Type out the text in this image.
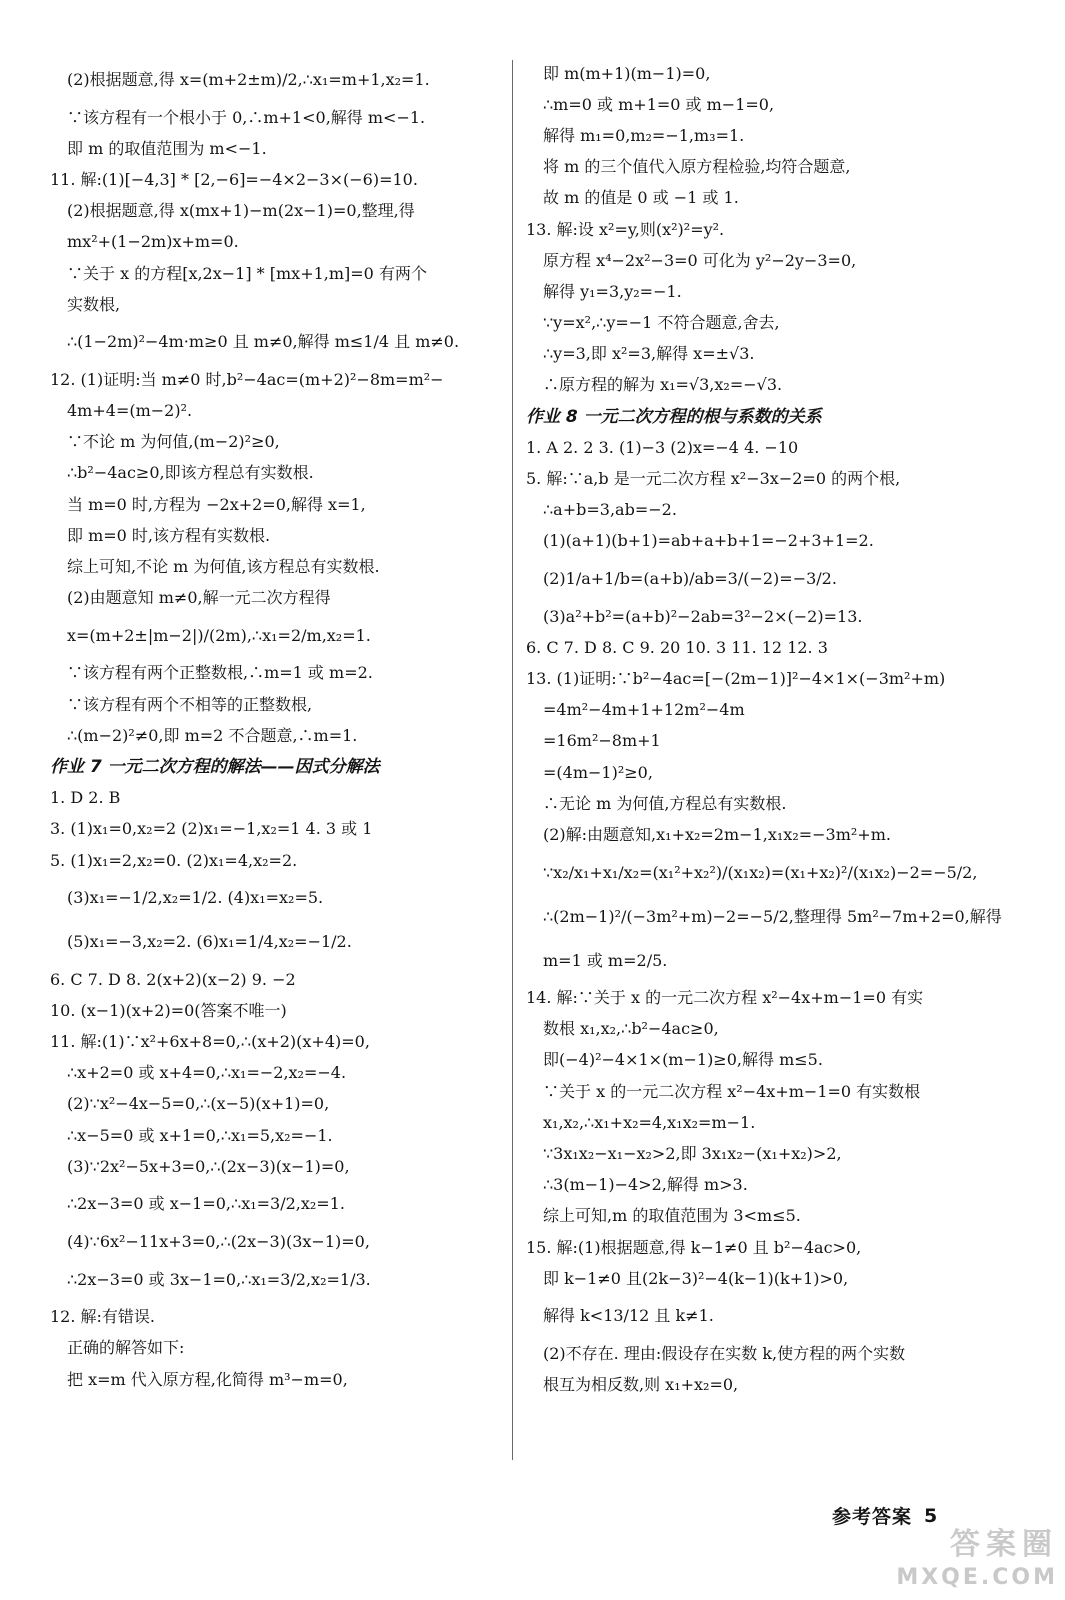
(2)根据题意,得 x=(m+2±m)/2,∴x₁=m+1,x₂=1.
∵该方程有一个根小于 0,∴m+1<0,解得 m<−1.
即 m 的取值范围为 m<−1.
11. 解:(1)[−4,3] * [2,−6]=−4×2−3×(−6)=10.
(2)根据题意,得 x(mx+1)−m(2x−1)=0,整理,得
mx²+(1−2m)x+m=0.
∵关于 x 的方程[x,2x−1] * [mx+1,m]=0 有两个
实数根,
∴(1−2m)²−4m·m≥0 且 m≠0,解得 m≤1/4 且 m≠0.
12. (1)证明:当 m≠0 时,b²−4ac=(m+2)²−8m=m²−
4m+4=(m−2)².
∵不论 m 为何值,(m−2)²≥0,
∴b²−4ac≥0,即该方程总有实数根.
当 m=0 时,方程为 −2x+2=0,解得 x=1,
即 m=0 时,该方程有实数根.
综上可知,不论 m 为何值,该方程总有实数根.
(2)由题意知 m≠0,解一元二次方程得
x=(m+2±|m−2|)/(2m),∴x₁=2/m,x₂=1.
∵该方程有两个正整数根,∴m=1 或 m=2.
∵该方程有两个不相等的正整数根,
∴(m−2)²≠0,即 m=2 不合题意,∴m=1.
作业 7 一元二次方程的解法——因式分解法
1. D 2. B
3. (1)x₁=0,x₂=2 (2)x₁=−1,x₂=1 4. 3 或 1
5. (1)x₁=2,x₂=0. (2)x₁=4,x₂=2.
(3)x₁=−1/2,x₂=1/2. (4)x₁=x₂=5.
(5)x₁=−3,x₂=2. (6)x₁=1/4,x₂=−1/2.
6. C 7. D 8. 2(x+2)(x−2) 9. −2
10. (x−1)(x+2)=0(答案不唯一)
11. 解:(1)∵x²+6x+8=0,∴(x+2)(x+4)=0,
∴x+2=0 或 x+4=0,∴x₁=−2,x₂=−4.
(2)∵x²−4x−5=0,∴(x−5)(x+1)=0,
∴x−5=0 或 x+1=0,∴x₁=5,x₂=−1.
(3)∵2x²−5x+3=0,∴(2x−3)(x−1)=0,
∴2x−3=0 或 x−1=0,∴x₁=3/2,x₂=1.
(4)∵6x²−11x+3=0,∴(2x−3)(3x−1)=0,
∴2x−3=0 或 3x−1=0,∴x₁=3/2,x₂=1/3.
12. 解:有错误.
正确的解答如下:
把 x=m 代入原方程,化简得 m³−m=0,
即 m(m+1)(m−1)=0,
∴m=0 或 m+1=0 或 m−1=0,
解得 m₁=0,m₂=−1,m₃=1.
将 m 的三个值代入原方程检验,均符合题意,
故 m 的值是 0 或 −1 或 1.
13. 解:设 x²=y,则(x²)²=y².
原方程 x⁴−2x²−3=0 可化为 y²−2y−3=0,
解得 y₁=3,y₂=−1.
∵y=x²,∴y=−1 不符合题意,舍去,
∴y=3,即 x²=3,解得 x=±√3.
∴原方程的解为 x₁=√3,x₂=−√3.
作业 8 一元二次方程的根与系数的关系
1. A 2. 2 3. (1)−3 (2)x=−4 4. −10
5. 解:∵a,b 是一元二次方程 x²−3x−2=0 的两个根,
∴a+b=3,ab=−2.
(1)(a+1)(b+1)=ab+a+b+1=−2+3+1=2.
(2)1/a+1/b=(a+b)/ab=3/(−2)=−3/2.
(3)a²+b²=(a+b)²−2ab=3²−2×(−2)=13.
6. C 7. D 8. C 9. 20 10. 3 11. 12 12. 3
13. (1)证明:∵b²−4ac=[−(2m−1)]²−4×1×(−3m²+m)
=4m²−4m+1+12m²−4m
=16m²−8m+1
=(4m−1)²≥0,
∴无论 m 为何值,方程总有实数根.
(2)解:由题意知,x₁+x₂=2m−1,x₁x₂=−3m²+m.
∵x₂/x₁+x₁/x₂=(x₁²+x₂²)/(x₁x₂)=(x₁+x₂)²/(x₁x₂)−2=−5/2,
∴(2m−1)²/(−3m²+m)−2=−5/2,整理得 5m²−7m+2=0,解得
m=1 或 m=2/5.
14. 解:∵关于 x 的一元二次方程 x²−4x+m−1=0 有实
数根 x₁,x₂,∴b²−4ac≥0,
即(−4)²−4×1×(m−1)≥0,解得 m≤5.
∵关于 x 的一元二次方程 x²−4x+m−1=0 有实数根
x₁,x₂,∴x₁+x₂=4,x₁x₂=m−1.
∵3x₁x₂−x₁−x₂>2,即 3x₁x₂−(x₁+x₂)>2,
∴3(m−1)−4>2,解得 m>3.
综上可知,m 的取值范围为 3<m≤5.
15. 解:(1)根据题意,得 k−1≠0 且 b²−4ac>0,
即 k−1≠0 且(2k−3)²−4(k−1)(k+1)>0,
解得 k<13/12 且 k≠1.
(2)不存在. 理由:假设存在实数 k,使方程的两个实数
根互为相反数,则 x₁+x₂=0,
参考答案 5
答案圈
MXQE.COM
